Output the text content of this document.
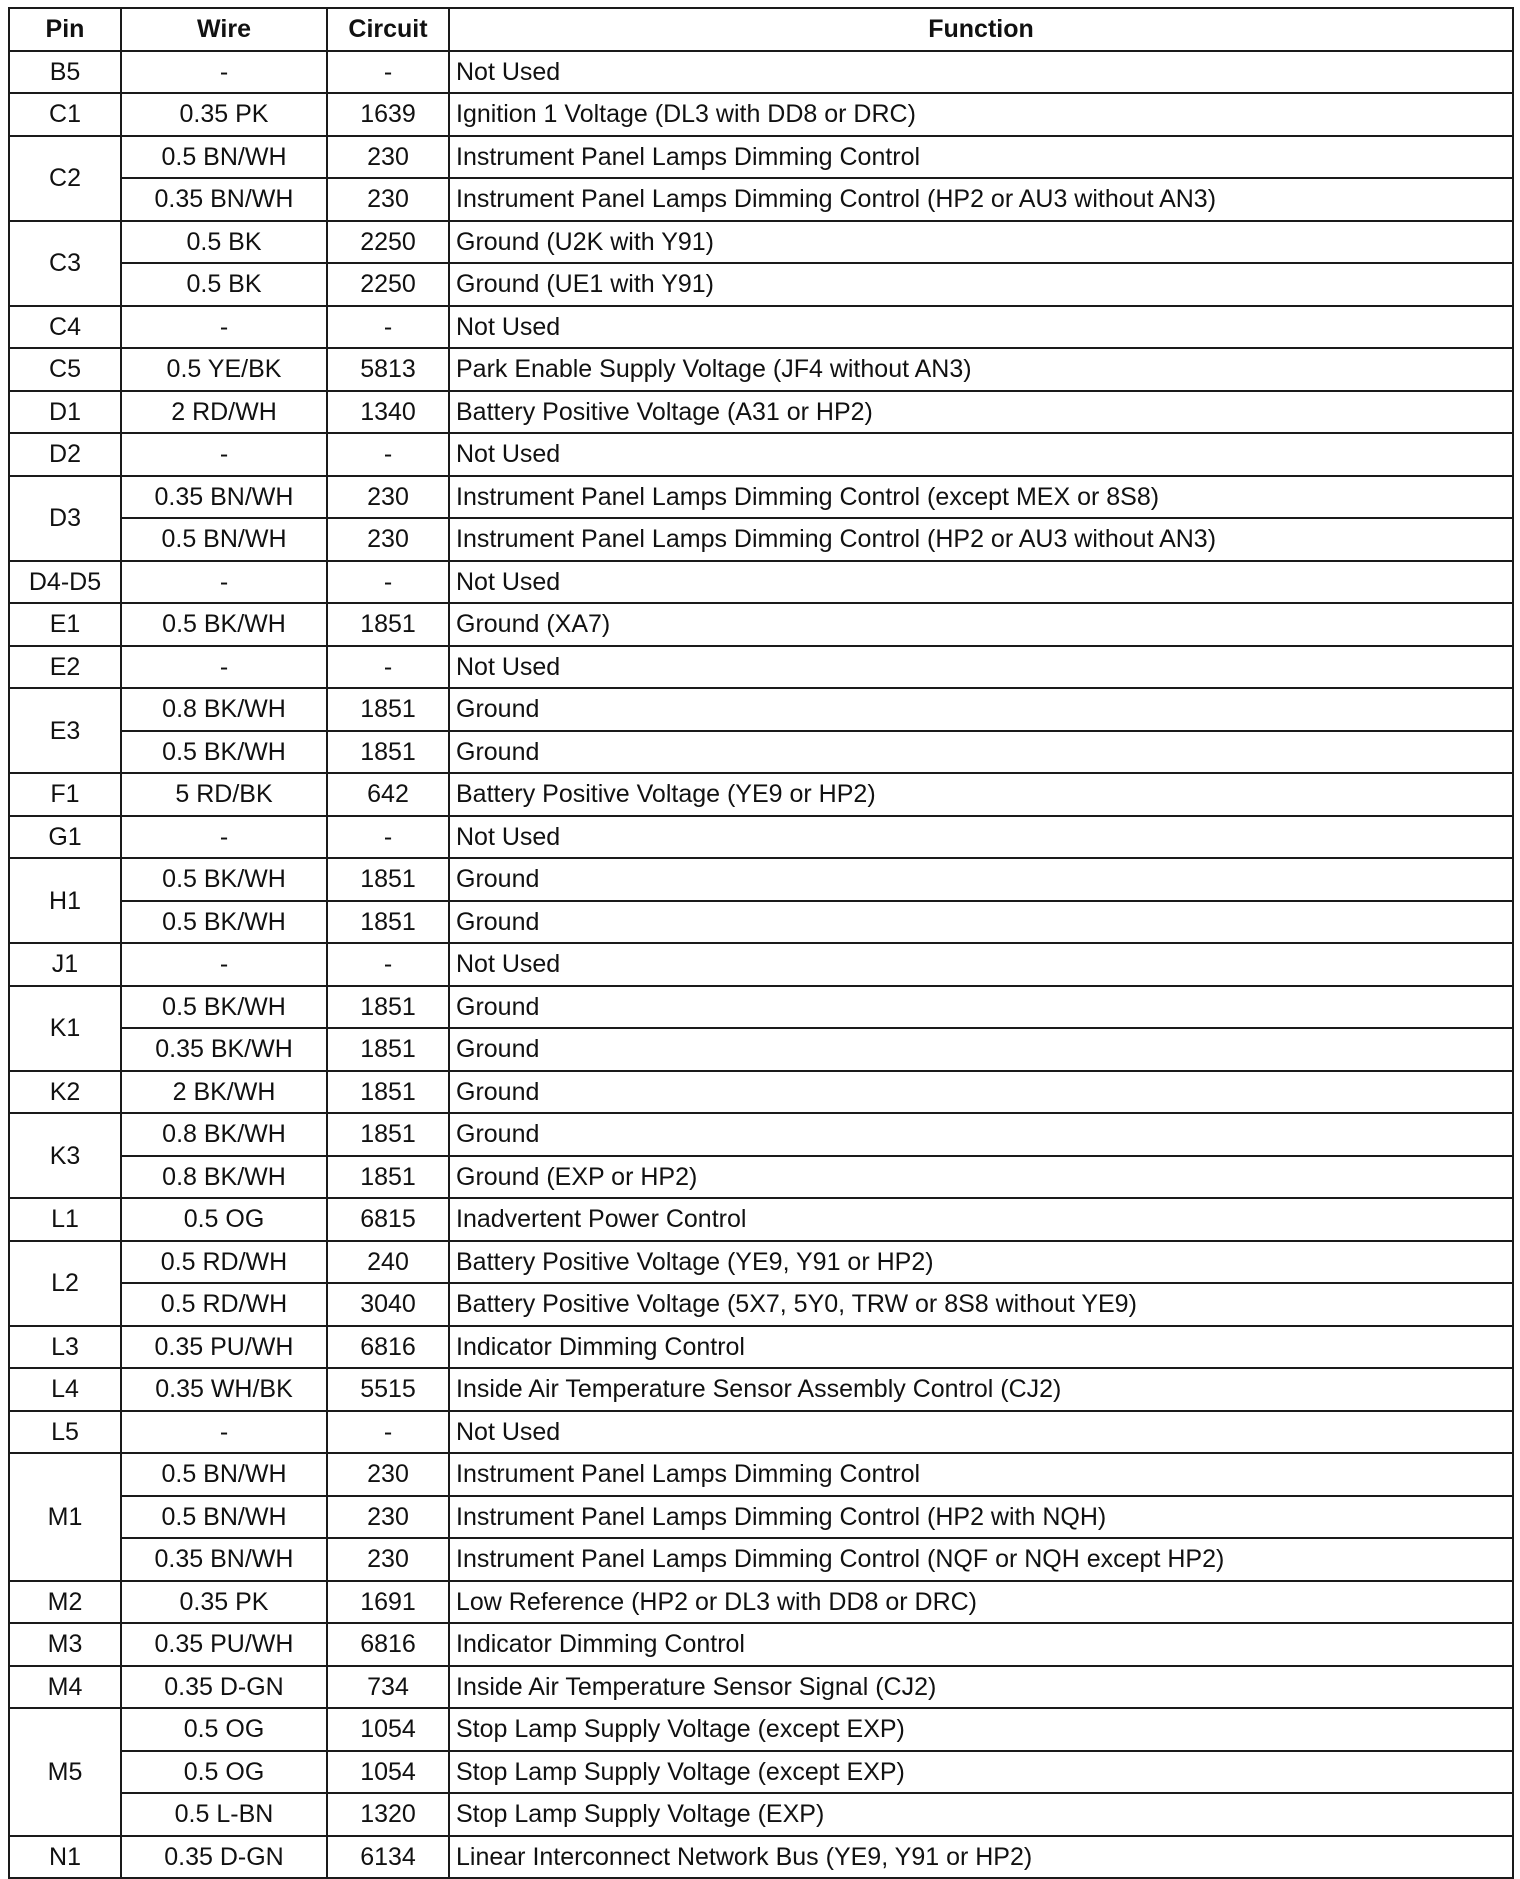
Pin	Wire	Circuit	Function
B5	-	-	Not Used
C1	0.35 PK	1639	Ignition 1 Voltage (DL3 with DD8 or DRC)
C2	0.5 BN/WH	230	Instrument Panel Lamps Dimming Control
	0.35 BN/WH	230	Instrument Panel Lamps Dimming Control (HP2 or AU3 without AN3)
C3	0.5 BK	2250	Ground (U2K with Y91)
	0.5 BK	2250	Ground (UE1 with Y91)
C4	-	-	Not Used
C5	0.5 YE/BK	5813	Park Enable Supply Voltage (JF4 without AN3)
D1	2 RD/WH	1340	Battery Positive Voltage (A31 or HP2)
D2	-	-	Not Used
D3	0.35 BN/WH	230	Instrument Panel Lamps Dimming Control (except MEX or 8S8)
	0.5 BN/WH	230	Instrument Panel Lamps Dimming Control (HP2 or AU3 without AN3)
D4-D5	-	-	Not Used
E1	0.5 BK/WH	1851	Ground (XA7)
E2	-	-	Not Used
E3	0.8 BK/WH	1851	Ground
	0.5 BK/WH	1851	Ground
F1	5 RD/BK	642	Battery Positive Voltage (YE9 or HP2)
G1	-	-	Not Used
H1	0.5 BK/WH	1851	Ground
	0.5 BK/WH	1851	Ground
J1	-	-	Not Used
K1	0.5 BK/WH	1851	Ground
	0.35 BK/WH	1851	Ground
K2	2 BK/WH	1851	Ground
K3	0.8 BK/WH	1851	Ground
	0.8 BK/WH	1851	Ground (EXP or HP2)
L1	0.5 OG	6815	Inadvertent Power Control
L2	0.5 RD/WH	240	Battery Positive Voltage (YE9, Y91 or HP2)
	0.5 RD/WH	3040	Battery Positive Voltage (5X7, 5Y0, TRW or 8S8 without YE9)
L3	0.35 PU/WH	6816	Indicator Dimming Control
L4	0.35 WH/BK	5515	Inside Air Temperature Sensor Assembly Control (CJ2)
L5	-	-	Not Used
M1	0.5 BN/WH	230	Instrument Panel Lamps Dimming Control
	0.5 BN/WH	230	Instrument Panel Lamps Dimming Control (HP2 with NQH)
	0.35 BN/WH	230	Instrument Panel Lamps Dimming Control (NQF or NQH except HP2)
M2	0.35 PK	1691	Low Reference (HP2 or DL3 with DD8 or DRC)
M3	0.35 PU/WH	6816	Indicator Dimming Control
M4	0.35 D-GN	734	Inside Air Temperature Sensor Signal (CJ2)
M5	0.5 OG	1054	Stop Lamp Supply Voltage (except EXP)
	0.5 OG	1054	Stop Lamp Supply Voltage (except EXP)
	0.5 L-BN	1320	Stop Lamp Supply Voltage (EXP)
N1	0.35 D-GN	6134	Linear Interconnect Network Bus (YE9, Y91 or HP2)
